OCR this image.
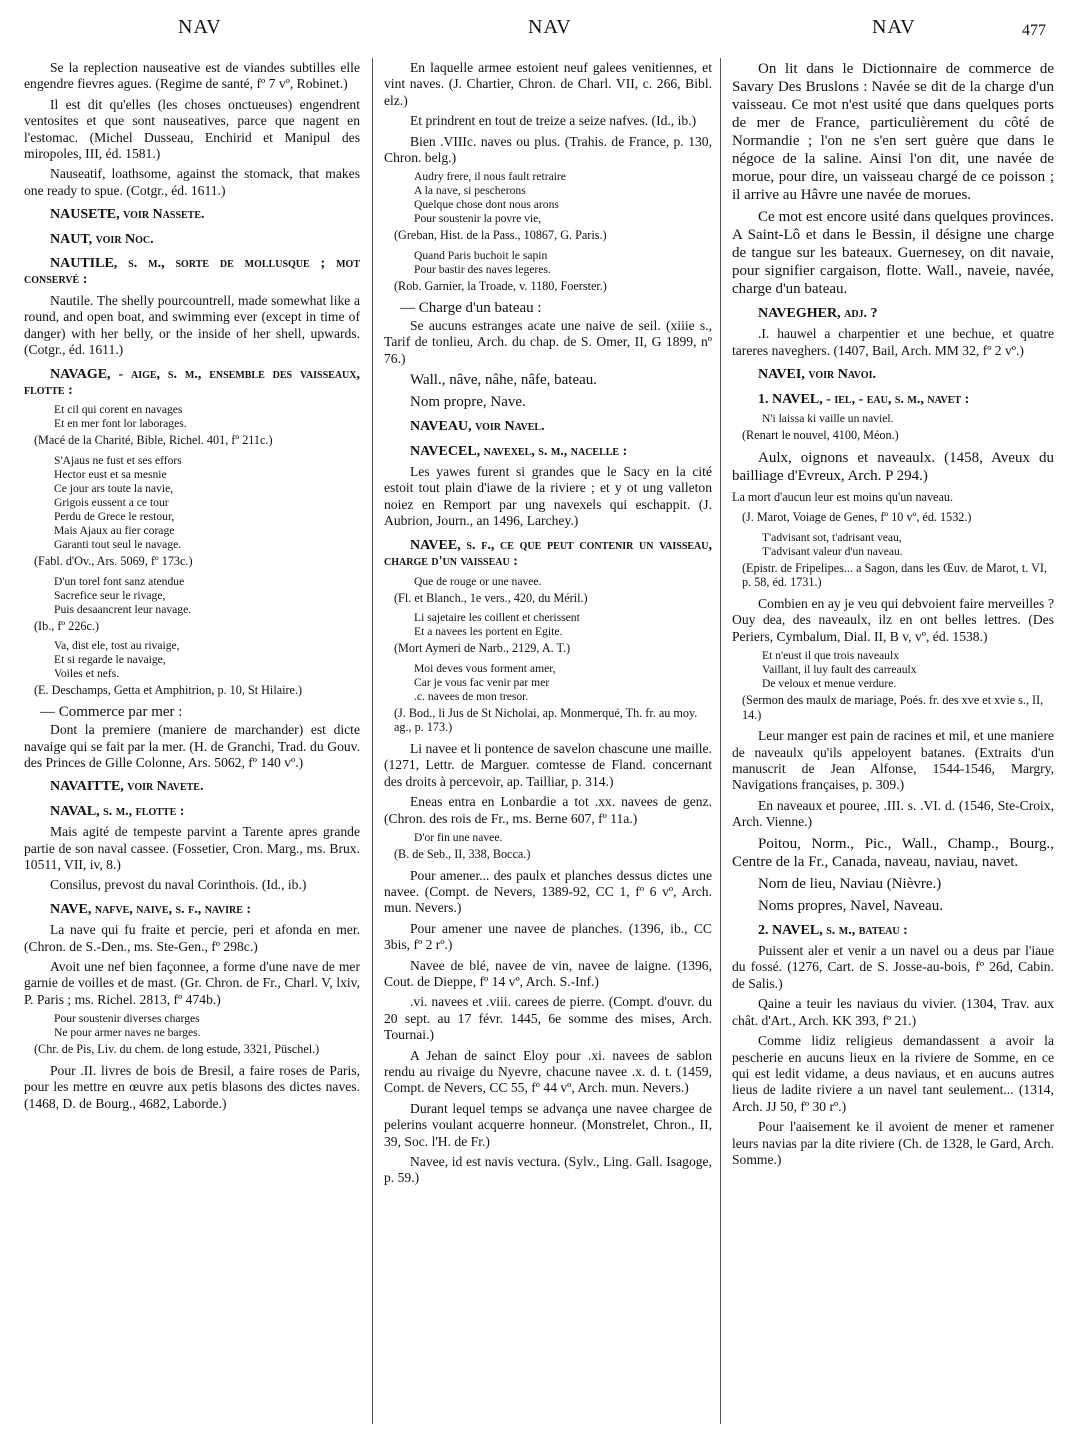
NAV	NAV	NAV	477
Se la replection nauseative est de viandes subtilles elle engendre fievres agues. (Regime de santé, fº 7 vº, Robinet.)
Il est dit qu'elles (les choses onctueuses) engendrent ventosites et que sont nauseatives, parce que nagent en l'estomac. (Michel Dusseau, Enchirid et Manipul des miropoles, III, éd. 1581.)
Nauseatif, loathsome, against the stomack, that makes one ready to spue. (Cotgr., éd. 1611.)
NAUSETE, voir Nassete.
NAUT, voir Noc.
NAUTILE, s. m., sorte de mollusque ; mot conservé :
Nautile. The shelly pourcountrell, made somewhat like a round, and open boat, and swimming ever (except in time of danger) with her belly, or the inside of her shell, upwards. (Cotgr., éd. 1611.)
NAVAGE, - aige, s. m., ensemble des vaisseaux, flotte :
Et cil qui corent en navages
Et en mer font lor laborages.
(Macé de la Charité, Bible, Richel. 401, fº 211c.)
S'Ajaus ne fust et ses effors
Hector eust et sa mesnie
Ce jour ars toute la navie,
Grigois eussent a ce tour
Perdu de Grece le restour,
Mais Ajaux au fier corage
Garanti tout seul le navage.
(Fabl. d'Ov., Ars. 5069, fº 173c.)
D'un torel font sanz atendue
Sacrefice seur le rivage,
Puis desaancrent leur navage.
(Ib., fº 226c.)
Va, dist ele, tost au rivaige,
Et si regarde le navaige,
Voiles et nefs.
(E. Deschamps, Getta et Amphitrion, p. 10, St Hilaire.)
— Commerce par mer :
Dont la premiere (maniere de marchander) est dicte navaige qui se fait par la mer. (H. de Granchi, Trad. du Gouv. des Princes de Gille Colonne, Ars. 5062, fº 140 vº.)
NAVAITTE, voir Navete.
NAVAL, s. m., flotte :
Mais agité de tempeste parvint a Tarente apres grande partie de son naval cassee. (Fossetier, Cron. Marg., ms. Brux. 10511, VII, iv, 8.)
Consilus, prevost du naval Corinthois. (Id., ib.)
NAVE, nafve, naive, s. f., navire :
La nave qui fu fraite et percie, peri et afonda en mer. (Chron. de S.-Den., ms. Ste-Gen., fº 298c.)
Avoit une nef bien façonnee, a forme d'une nave de mer garnie de voilles et de mast. (Gr. Chron. de Fr., Charl. V, lxiv, P. Paris ; ms. Richel. 2813, fº 474b.)
Pour soustenir diverses charges
Ne pour armer naves ne barges.
(Chr. de Pis, Liv. du chem. de long estude, 3321, Püschel.)
Pour .II. livres de bois de Bresil, a faire roses de Paris, pour les mettre en œuvre aux petis blasons des dictes naves. (1468, D. de Bourg., 4682, Laborde.)
En laquelle armee estoient neuf galees venitiennes, et vint naves. (J. Chartier, Chron. de Charl. VII, c. 266, Bibl. elz.)
Et prindrent en tout de treize a seize nafves. (Id., ib.)
Bien .VIIIc. naves ou plus. (Trahis. de France, p. 130, Chron. belg.)
Audry frere, il nous fault retraire
A la nave, si pescherons
Quelque chose dont nous arons
Pour soustenir la povre vie,
(Greban, Hist. de la Pass., 10867, G. Paris.)
Quand Paris buchoit le sapin
Pour bastir des naves legeres.
(Rob. Garnier, la Troade, v. 1180, Foerster.)
— Charge d'un bateau :
Se aucuns estranges acate une naive de seil. (xiiie s., Tarif de tonlieu, Arch. du chap. de S. Omer, II, G 1899, nº 76.)
Wall., nâve, nâhe, nâfe, bateau.
Nom propre, Nave.
NAVEAU, voir Navel.
NAVECEL, navexel, s. m., nacelle :
Les yawes furent si grandes que le Sacy en la cité estoit tout plain d'iawe de la riviere ; et y ot ung valleton noiez en Remport par ung navexels qui eschappit. (J. Aubrion, Journ., an 1496, Larchey.)
NAVEE, s. f., ce que peut contenir un vaisseau, charge d'un vaisseau :
Que de rouge or une navee.
(Fl. et Blanch., 1e vers., 420, du Méril.)
Li sajetaire les coillent et cherissent
Et a navees les portent en Egite.
(Mort Aymeri de Narb., 2129, A. T.)
Moi deves vous forment amer,
Car je vous fac venir par mer
.c. navees de mon tresor.
(J. Bod., li Jus de St Nicholai, ap. Monmerqué, Th. fr. au moy. ag., p. 173.)
Li navee et li pontence de savelon chascune une maille. (1271, Lettr. de Marguer. comtesse de Fland. concernant des droits à percevoir, ap. Tailliar, p. 314.)
Eneas entra en Lonbardie a tot .xx. navees de genz. (Chron. des rois de Fr., ms. Berne 607, fº 11a.)
D'or fin une navee.
(B. de Seb., II, 338, Bocca.)
Pour amener... des paulx et planches dessus dictes une navee. (Compt. de Nevers, 1389-92, CC 1, fº 6 vº, Arch. mun. Nevers.)
Pour amener une navee de planches. (1396, ib., CC 3bis, fº 2 rº.)
Navee de blé, navee de vin, navee de laigne. (1396, Cout. de Dieppe, fº 14 vº, Arch. S.-Inf.)
.vi. navees et .viii. carees de pierre. (Compt. d'ouvr. du 20 sept. au 17 févr. 1445, 6e somme des mises, Arch. Tournai.)
A Jehan de sainct Eloy pour .xi. navees de sablon rendu au rivaige du Nyevre, chacune navee .x. d. t. (1459, Compt. de Nevers, CC 55, fº 44 vº, Arch. mun. Nevers.)
Durant lequel temps se advança une navee chargee de pelerins voulant acquerre honneur. (Monstrelet, Chron., II, 39, Soc. l'H. de Fr.)
Navee, id est navis vectura. (Sylv., Ling. Gall. Isagoge, p. 59.)
On lit dans le Dictionnaire de commerce de Savary Des Bruslons : Navée se dit de la charge d'un vaisseau. Ce mot n'est usité que dans quelques ports de mer de France, particulièrement du côté de Normandie ; l'on ne s'en sert guère que dans le négoce de la saline. Ainsi l'on dit, une navée de morue, pour dire, un vaisseau chargé de ce poisson ; il arrive au Hâvre une navée de morues.
Ce mot est encore usité dans quelques provinces. A Saint-Lô et dans le Bessin, il désigne une charge de tangue sur les bateaux. Guernesey, on dit navaie, pour signifier cargaison, flotte. Wall., naveie, navée, charge d'un bateau.
NAVEGHER, adj. ?
.I. hauwel a charpentier et une bechue, et quatre tareres naveghers. (1407, Bail, Arch. MM 32, fº 2 vº.)
NAVEI, voir Navoi.
1. NAVEL, - iel, - eau, s. m., navet :
N'i laissa ki vaille un naviel.
(Renart le nouvel, 4100, Méon.)
Aulx, oignons et naveaulx. (1458, Aveux du bailliage d'Evreux, Arch. P 294.)
La mort d'aucun leur est moins qu'un naveau.
(J. Marot, Voiage de Genes, fº 10 vº, éd. 1532.)
T'advisant sot, t'adrisant veau,
T'advisant valeur d'un naveau.
(Epistr. de Fripelipes... a Sagon, dans les Œuv. de Marot, t. VI, p. 58, éd. 1731.)
Combien en ay je veu qui debvoient faire merveilles ? Ouy dea, des naveaulx, ilz en ont belles lettres. (Des Periers, Cymbalum, Dial. II, B v, vº, éd. 1538.)
Et n'eust il que trois naveaulx
Vaillant, il luy fault des carreaulx
De veloux et menue verdure.
(Sermon des maulx de mariage, Poés. fr. des xve et xvie s., II, 14.)
Leur manger est pain de racines et mil, et une maniere de naveaulx qu'ils appeloyent batanes. (Extraits d'un manuscrit de Jean Alfonse, 1544-1546, Margry, Navigations françaises, p. 309.)
En naveaux et pouree, .III. s. .VI. d. (1546, Ste-Croix, Arch. Vienne.)
Poitou, Norm., Pic., Wall., Champ., Bourg., Centre de la Fr., Canada, naveau, naviau, navet.
Nom de lieu, Naviau (Nièvre.)
Noms propres, Navel, Naveau.
2. NAVEL, s. m., bateau :
Puissent aler et venir a un navel ou a deus par l'iaue du fossé. (1276, Cart. de S. Josse-au-bois, fº 26d, Cabin. de Salis.)
Qaine a teuir les naviaus du vivier. (1304, Trav. aux chât. d'Art., Arch. KK 393, fº 21.)
Comme lidiz religieus demandassent a avoir la pescherie en aucuns lieux en la riviere de Somme, en ce qui est ledit vidame, a deus naviaus, et en aucuns autres lieus de ladite riviere a un navel tant seulement... (1314, Arch. JJ 50, fº 30 rº.)
Pour l'aaisement ke il avoient de mener et ramener leurs navias par la dite riviere (Ch. de 1328, le Gard, Arch. Somme.)
